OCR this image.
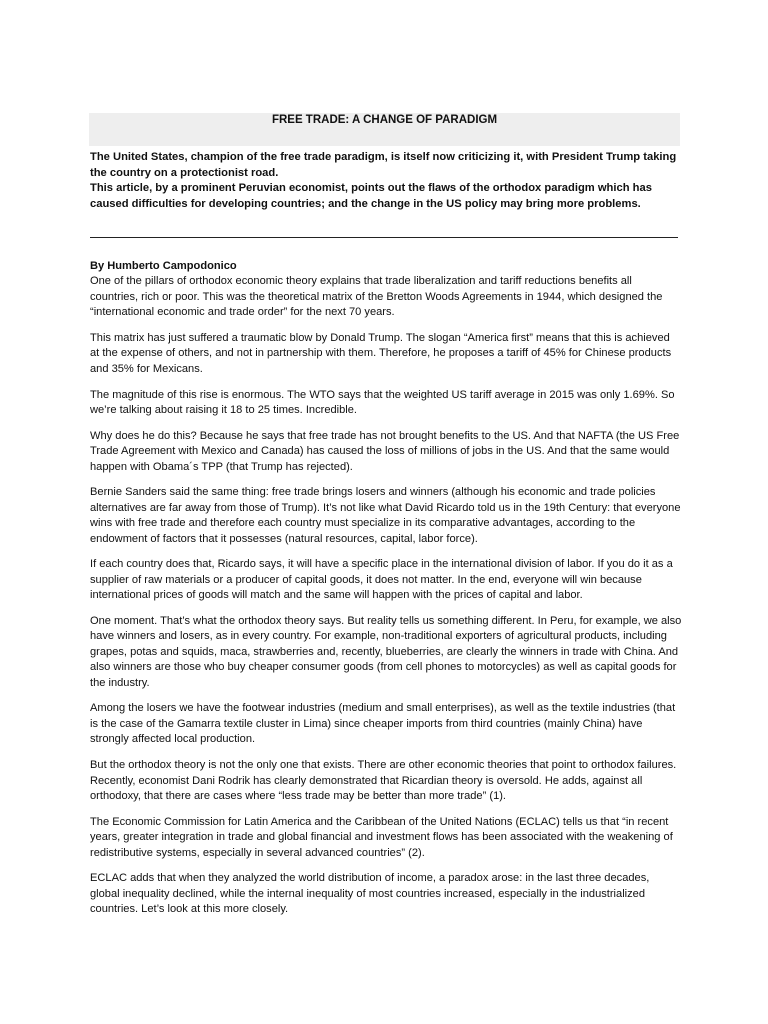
FREE TRADE: A CHANGE OF PARADIGM

The United States, champion of the free trade paradigm, is itself now criticizing it, with President Trump taking the country on a protectionist road.

This article, by a prominent Peruvian economist, points out the flaws of the orthodox paradigm which has caused difficulties for developing countries; and the change in the US policy may bring more problems.

By Humberto Campodonico

One of the pillars of orthodox economic theory explains that trade liberalization and tariff reductions benefits all countries, rich or poor. This was the theoretical matrix of the Bretton Woods Agreements in 1944, which designed the “international economic and trade order” for the next 70 years.

This matrix has just suffered a traumatic blow by Donald Trump. The slogan “America first” means that this is achieved at the expense of others, and not in partnership with them. Therefore, he proposes a tariff of 45% for Chinese products and 35% for Mexicans.

The magnitude of this rise is enormous. The WTO says that the weighted US tariff average in 2015 was only 1.69%. So we’re talking about raising it 18 to 25 times. Incredible.

Why does he do this? Because he says that free trade has not brought benefits to the US. And that NAFTA (the US Free Trade Agreement with Mexico and Canada) has caused the loss of millions of jobs in the US. And that the same would happen with Obama´s TPP (that Trump has rejected).

Bernie Sanders said the same thing: free trade brings losers and winners (although his economic and trade policies alternatives are far away from those of Trump). It’s not like what David Ricardo told us in the 19th Century: that everyone wins with free trade and therefore each country must specialize in its comparative advantages, according to the endowment of factors that it possesses (natural resources, capital, labor force).

If each country does that, Ricardo says, it will have a specific place in the international division of labor. If you do it as a supplier of raw materials or a producer of capital goods, it does not matter. In the end, everyone will win because international prices of goods will match and the same will happen with the prices of capital and labor.

One moment. That’s what the orthodox theory says. But reality tells us something different. In Peru, for example, we also have winners and losers, as in every country. For example, non-traditional exporters of agricultural products, including grapes, potas and squids, maca, strawberries and, recently, blueberries, are clearly the winners in trade with China. And also winners are those who buy cheaper consumer goods (from cell phones to motorcycles) as well as capital goods for the industry.

Among the losers we have the footwear industries (medium and small enterprises), as well as the textile industries (that is the case of the Gamarra textile cluster in Lima) since cheaper imports from third countries (mainly China) have strongly affected local production.

But the orthodox theory is not the only one that exists. There are other economic theories that point to orthodox failures. Recently, economist Dani Rodrik has clearly demonstrated that Ricardian theory is oversold. He adds, against all orthodoxy, that there are cases where “less trade may be better than more trade” (1).

The Economic Commission for Latin America and the Caribbean of the United Nations (ECLAC) tells us that “in recent years, greater integration in trade and global financial and investment flows has been associated with the weakening of redistributive systems, especially in several advanced countries” (2).

ECLAC adds that when they analyzed the world distribution of income, a paradox arose: in the last three decades, global inequality declined, while the internal inequality of most countries increased, especially in the industrialized countries. Let’s look at this more closely.
